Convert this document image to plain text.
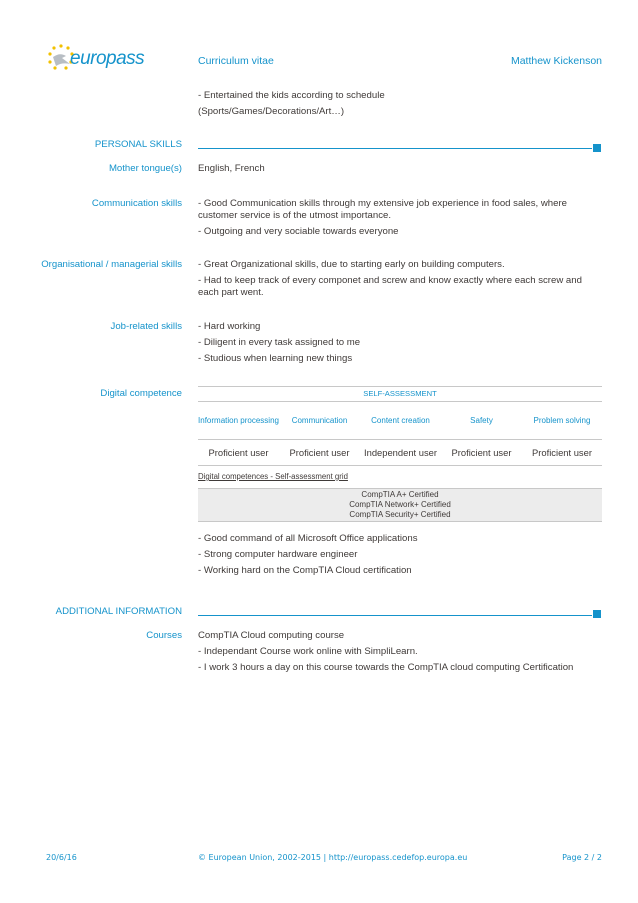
europass	Curriculum vitae	Matthew Kickenson

- Entertained the kids according to schedule

(Sports/Games/Decorations/Art…)

PERSONAL SKILLS
Mother tongue(s) English, French
Communication skills - Good Communication skills through my extensive job experience in food sales, where customer service is of the utmost importance.

- Outgoing and very sociable towards everyone

Organisational / managerial skills - Great Organizational skills, due to starting early on building computers.

- Had to keep track of every componet and screw and know exactly where each screw and each part went.

Job-related skills - Hard working

- Diligent in every task assigned to me

- Studious when learning new things

Digital competence	SELF-ASSESSMENT
Information processing	Communication	Content creation	Safety	Problem solving
Proficient user	Proficient user	Independent user	Proficient user	Proficient user
Digital competences - Self-assessment grid
CompTIA A+ Certified
CompTIA Network+ Certified
CompTIA Security+ Certified

- Good command of all Microsoft Office applications

- Strong computer hardware engineer

- Working hard on the CompTIA Cloud certification

ADDITIONAL INFORMATION
Courses CompTIA Cloud computing course

- Independant Course work online with SimpliLearn.

- I work 3 hours a day on this course towards the CompTIA cloud computing Certification

20/6/16	© European Union, 2002-2015 | http://europass.cedefop.europa.eu	Page 2 / 2
